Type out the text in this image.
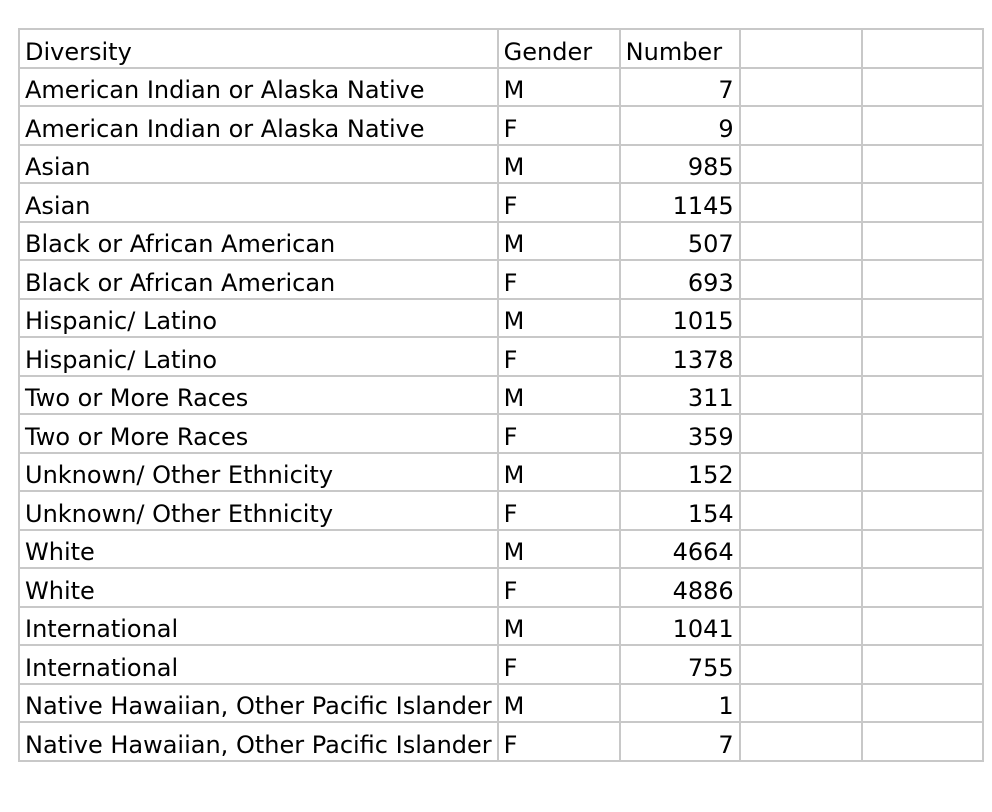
Diversity	Gender	Number		
American Indian or Alaska Native	M	7		
American Indian or Alaska Native	F	9		
Asian	M	985		
Asian	F	1145		
Black or African American	M	507		
Black or African American	F	693		
Hispanic/ Latino	M	1015		
Hispanic/ Latino	F	1378		
Two or More Races	M	311		
Two or More Races	F	359		
Unknown/ Other Ethnicity	M	152		
Unknown/ Other Ethnicity	F	154		
White	M	4664		
White	F	4886		
International	M	1041		
International	F	755		
Native Hawaiian, Other Pacific Islander	M	1		
Native Hawaiian, Other Pacific Islander	F	7		
